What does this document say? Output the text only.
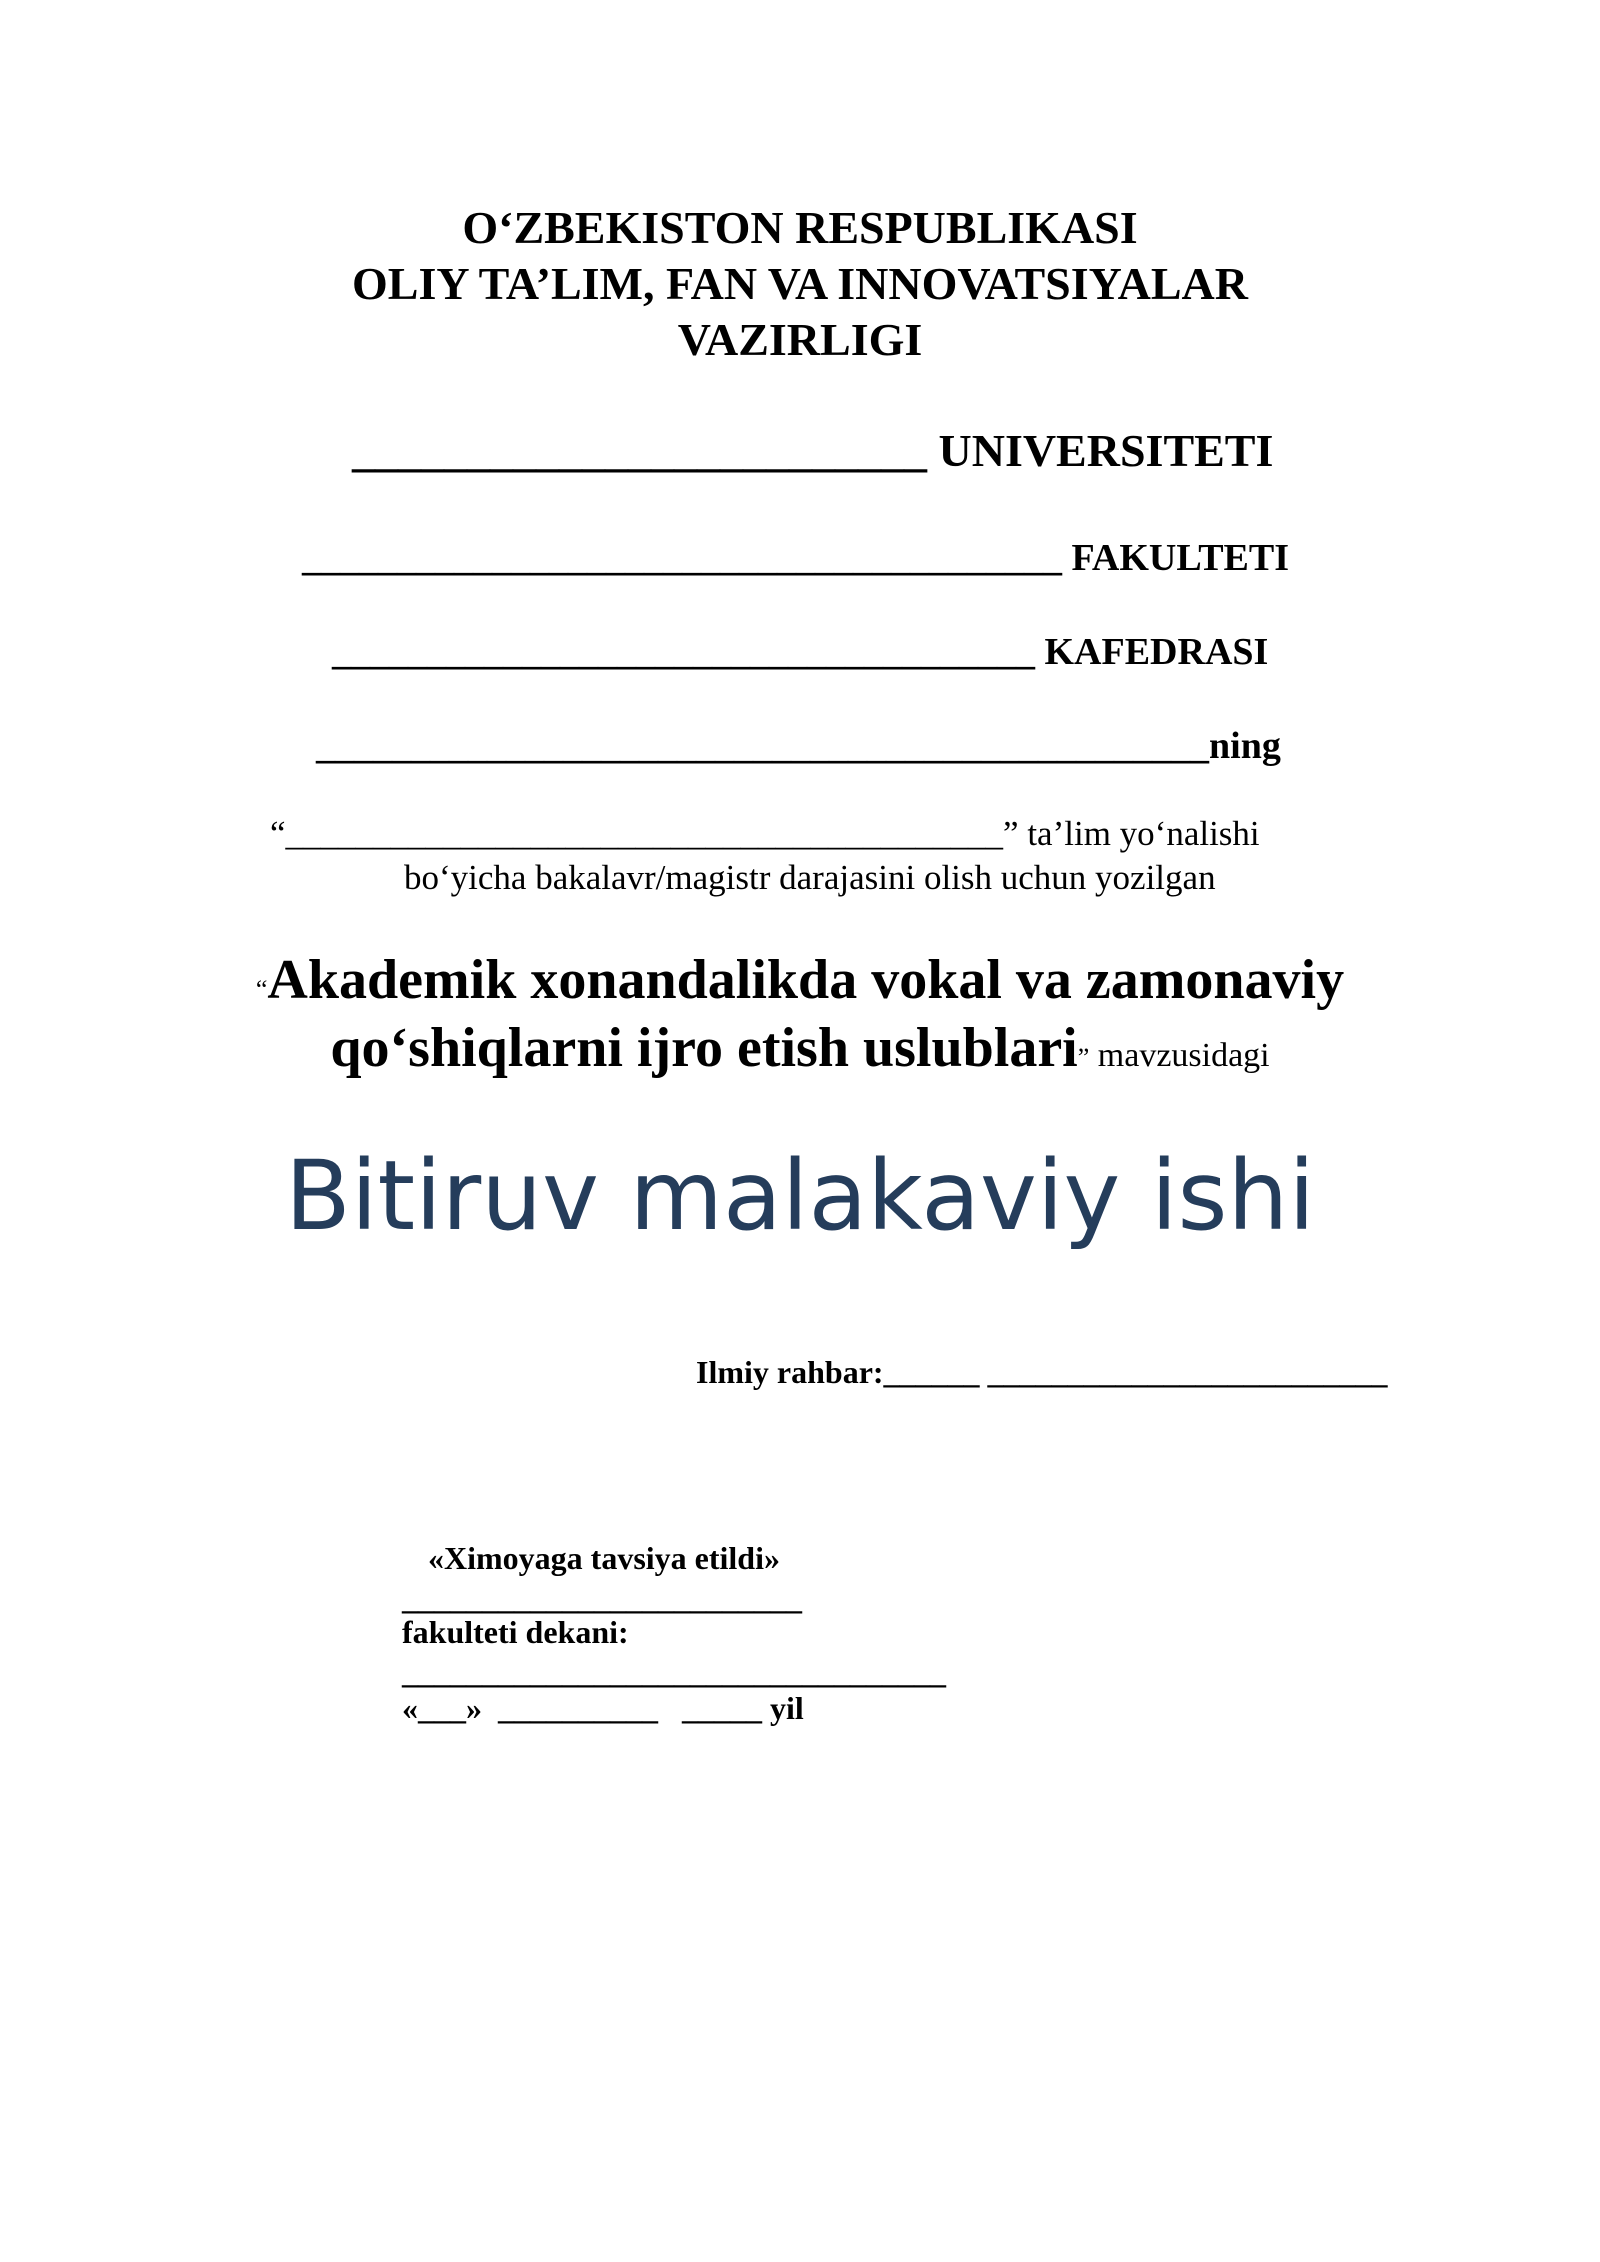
O‘ZBEKISTON RESPUBLIKASI
OLIY TA’LIM, FAN VA INNOVATSIYALAR
VAZIRLIGI
_________________________ UNIVERSITETI
________________________________________ FAKULTETI
_____________________________________ KAFEDRASI
_______________________________________________ning
“_________________________________________” ta’lim yo‘nalishi
bo‘yicha bakalavr/magistr darajasini olish uchun yozilgan
“Akademik xonandalikda vokal va zamonaviy
qo‘shiqlarni ijro etish uslublari” mavzusidagi
Bitiruv malakaviy ishi
Ilmiy rahbar:______ _________________________
«Ximoyaga tavsiya etildi»
_________________________
fakulteti dekani:
__________________________________
«___» __________ _____ yil
